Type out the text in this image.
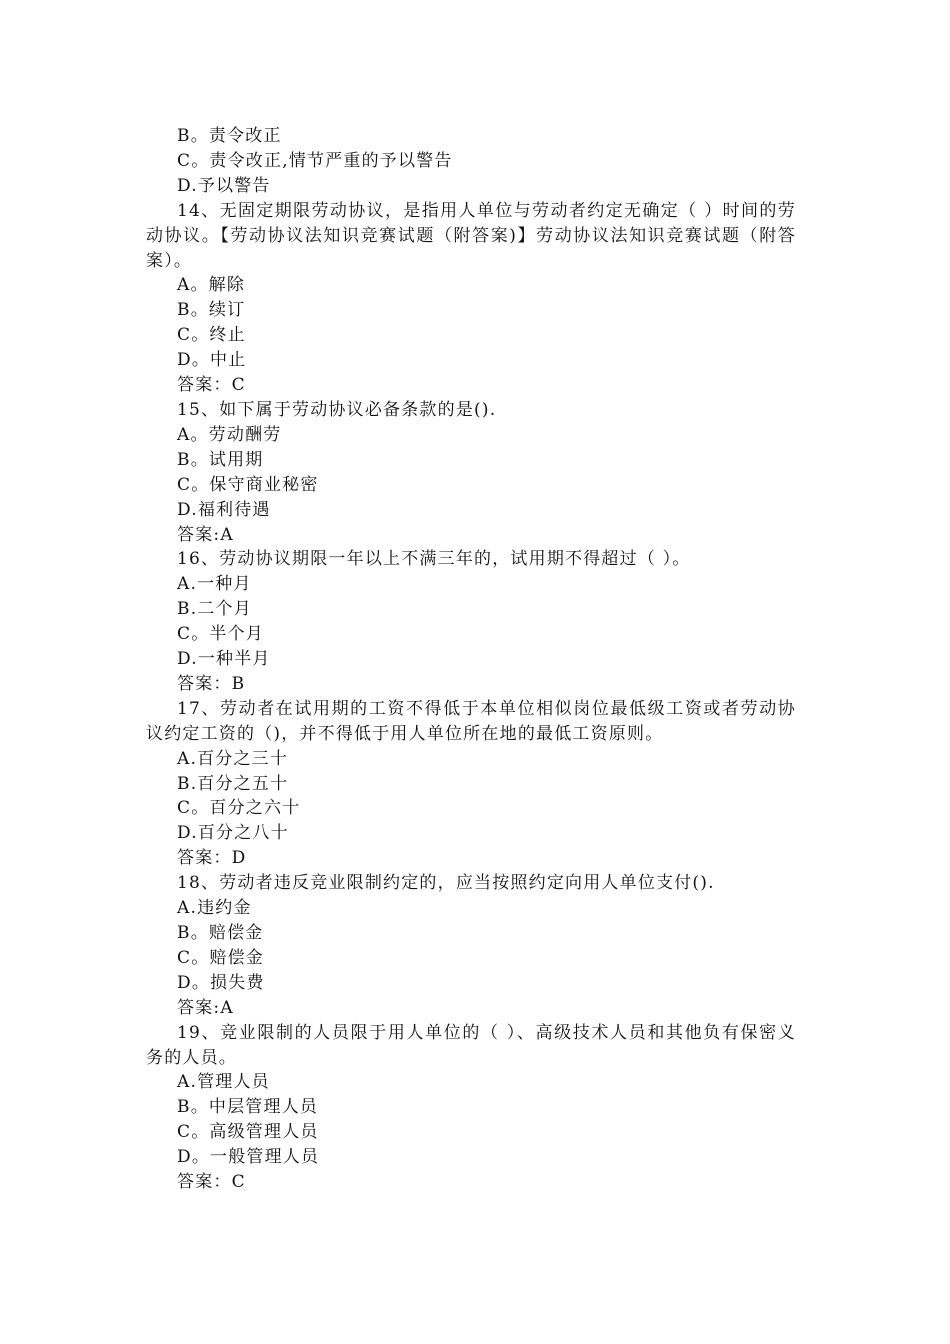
B。责令改正

C。责令改正,情节严重的予以警告

D.予以警告

14、无固定期限劳动协议，是指用人单位与劳动者约定无确定（ ）时间的劳动协议。【劳动协议法知识竞赛试题（附答案)】劳动协议法知识竞赛试题（附答案）。

A。解除

B。续订

C。终止

D。中止

答案：C

15、如下属于劳动协议必备条款的是().

A。劳动酬劳

B。试用期

C。保守商业秘密

D.福利待遇

答案:A

16、劳动协议期限一年以上不满三年的，试用期不得超过（ ）。

A.一种月

B.二个月

C。半个月

D.一种半月

答案：B

17、劳动者在试用期的工资不得低于本单位相似岗位最低级工资或者劳动协议约定工资的（)，并不得低于用人单位所在地的最低工资原则。

A.百分之三十

B.百分之五十

C。百分之六十

D.百分之八十

答案：D

18、劳动者违反竞业限制约定的，应当按照约定向用人单位支付().

A.违约金

B。赔偿金

C。赔偿金

D。损失费

答案:A

19、竞业限制的人员限于用人单位的（ ）、高级技术人员和其他负有保密义务的人员。

A.管理人员

B。中层管理人员

C。高级管理人员

D。一般管理人员

答案：C
